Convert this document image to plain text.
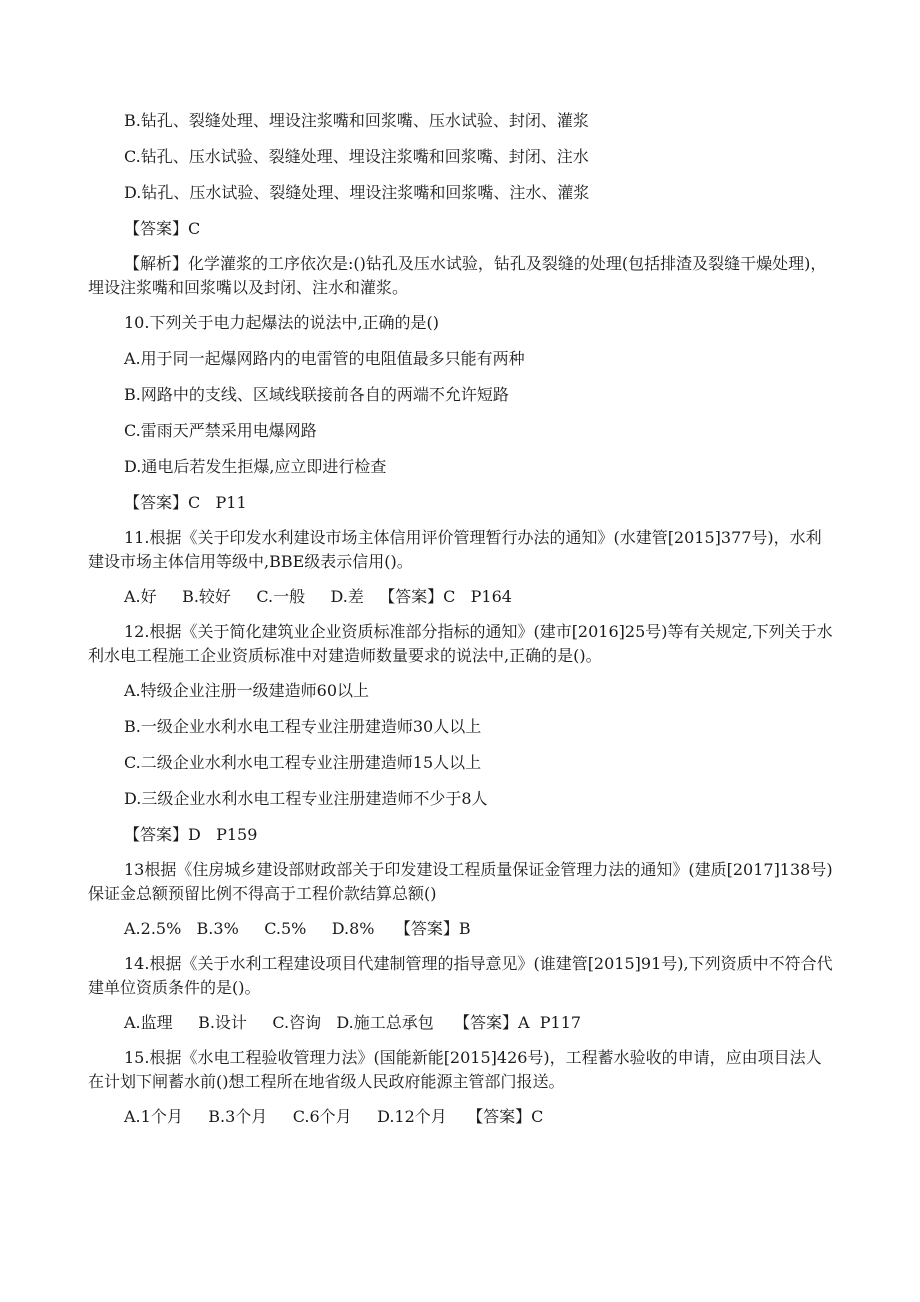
B.钻孔、裂缝处理、埋设注浆嘴和回浆嘴、压水试验、封闭、灌浆

C.钻孔、压水试验、裂缝处理、埋设注浆嘴和回浆嘴、封闭、注水

D.钻孔、压水试验、裂缝处理、埋设注浆嘴和回浆嘴、注水、灌浆

【答案】C

【解析】化学灌浆的工序依次是:()钻孔及压水试验，钻孔及裂缝的处理(包括排渣及裂缝干燥处理)，埋设注浆嘴和回浆嘴以及封闭、注水和灌浆。

10.下列关于电力起爆法的说法中,正确的是()

A.用于同一起爆网路内的电雷管的电阻值最多只能有两种

B.网路中的支线、区域线联接前各自的两端不允许短路

C.雷雨天严禁采用电爆网路

D.通电后若发生拒爆,应立即进行检查

【答案】C   P11

11.根据《关于印发水利建设市场主体信用评价管理暂行办法的通知》(水建管[2015]377号)，水利建设市场主体信用等级中,BBE级表示信用()。

A.好     B.较好     C.一般     D.差   【答案】C   P164

12.根据《关于简化建筑业企业资质标准部分指标的通知》(建市[2016]25号)等有关规定,下列关于水利水电工程施工企业资质标准中对建造师数量要求的说法中,正确的是()。

A.特级企业注册一级建造师60以上

B.一级企业水利水电工程专业注册建造师30人以上

C.二级企业水利水电工程专业注册建造师15人以上

D.三级企业水利水电工程专业注册建造师不少于8人

【答案】D   P159

13根据《住房城乡建设部财政部关于印发建设工程质量保证金管理力法的通知》(建质[2017]138号)保证金总额预留比例不得高于工程价款结算总额()

A.2.5%   B.3%     C.5%     D.8%    【答案】B

14.根据《关于水利工程建设项目代建制管理的指导意见》(谁建管[2015]91号),下列资质中不符合代建单位资质条件的是()。

A.监理     B.设计     C.咨询   D.施工总承包    【答案】A  P117

15.根据《水电工程验收管理力法》(国能新能[2015]426号)，工程蓄水验收的申请，应由项目法人在计划下闸蓄水前()想工程所在地省级人民政府能源主管部门报送。

A.1个月     B.3个月     C.6个月     D.12个月    【答案】C
